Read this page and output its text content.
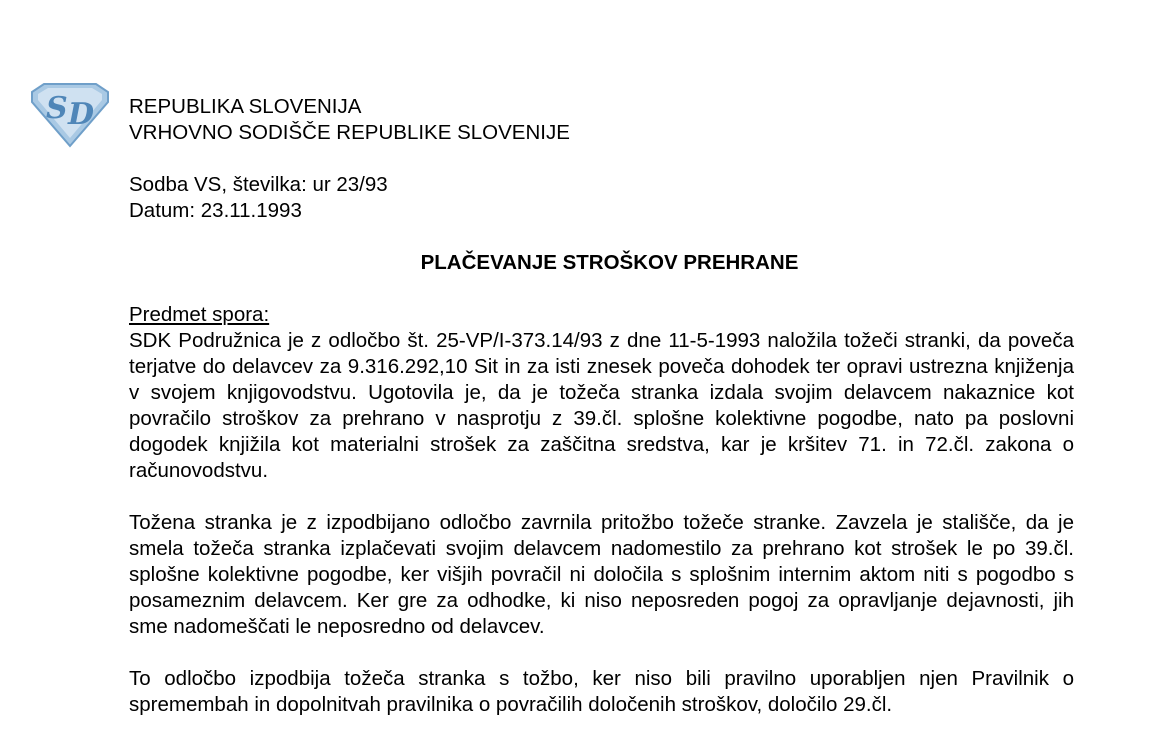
S D REPUBLIKA SLOVENIJA
VRHOVNO SODIŠČE REPUBLIKE SLOVENIJE
Sodba VS, številka: ur 23/93
Datum: 23.11.1993
PLAČEVANJE STROŠKOV PREHRANE
Predmet spora:

SDK Podružnica je z odločbo št. 25-VP/I-373.14/93 z dne 11-5-1993 naložila tožeči stranki, da poveča terjatve do delavcev za 9.316.292,10 Sit in za isti znesek poveča dohodek ter opravi ustrezna knjiženja v svojem knjigovodstvu. Ugotovila je, da je tožeča stranka izdala svojim delavcem nakaznice kot povračilo stroškov za prehrano v nasprotju z 39.čl. splošne kolektivne pogodbe, nato pa poslovni dogodek knjižila kot materialni strošek za zaščitna sredstva, kar je kršitev 71. in 72.čl. zakona o računovodstvu.

Tožena stranka je z izpodbijano odločbo zavrnila pritožbo tožeče stranke. Zavzela je stališče, da je smela tožeča stranka izplačevati svojim delavcem nadomestilo za prehrano kot strošek le po 39.čl. splošne kolektivne pogodbe, ker višjih povračil ni določila s splošnim internim aktom niti s pogodbo s posameznim delavcem. Ker gre za odhodke, ki niso neposreden pogoj za opravljanje dejavnosti, jih sme nadomeščati le neposredno od delavcev.

To odločbo izpodbija tožeča stranka s tožbo, ker niso bili pravilno uporabljen njen Pravilnik o spremembah in dopolnitvah pravilnika o povračilih določenih stroškov, določilo 29.čl.
